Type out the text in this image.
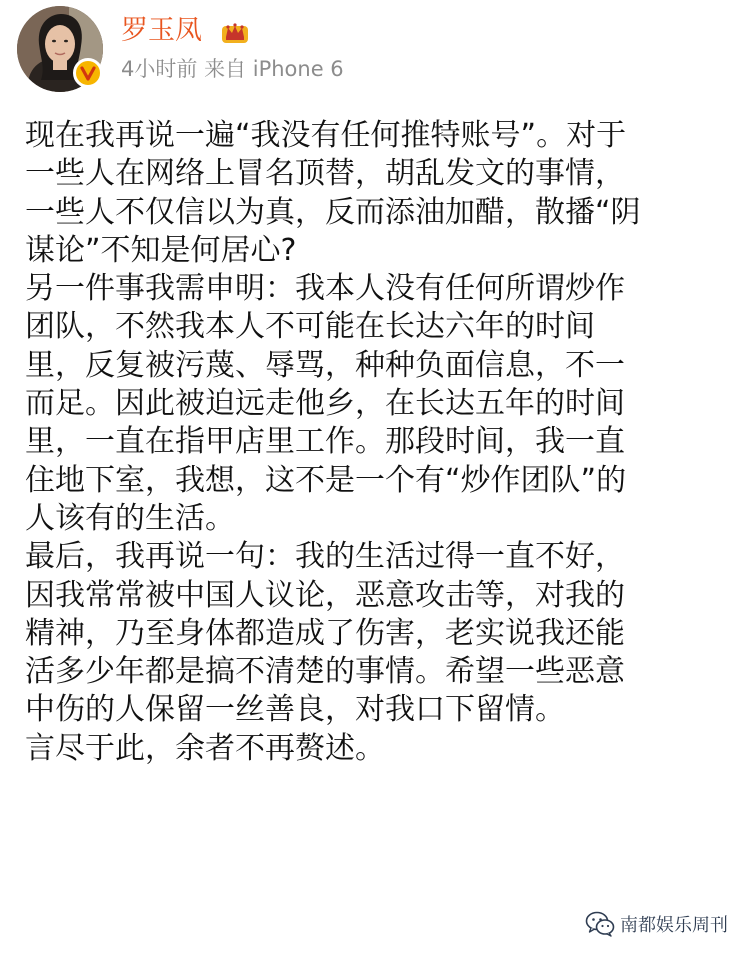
罗玉凤
4小时前 来自 iPhone 6
现在我再说一遍“我没有任何推特账号”。对于
一些人在网络上冒名顶替，胡乱发文的事情，
一些人不仅信以为真，反而添油加醋，散播“阴
谋论”不知是何居心?
另一件事我需申明：我本人没有任何所谓炒作
团队，不然我本人不可能在长达六年的时间
里，反复被污蔑、辱骂，种种负面信息，不一
而足。因此被迫远走他乡，在长达五年的时间
里，一直在指甲店里工作。那段时间，我一直
住地下室，我想，这不是一个有“炒作团队”的
人该有的生活。
最后，我再说一句：我的生活过得一直不好，
因我常常被中国人议论，恶意攻击等，对我的
精神，乃至身体都造成了伤害，老实说我还能
活多少年都是搞不清楚的事情。希望一些恶意
中伤的人保留一丝善良，对我口下留情。
言尽于此，余者不再赘述。
南都娱乐周刊
